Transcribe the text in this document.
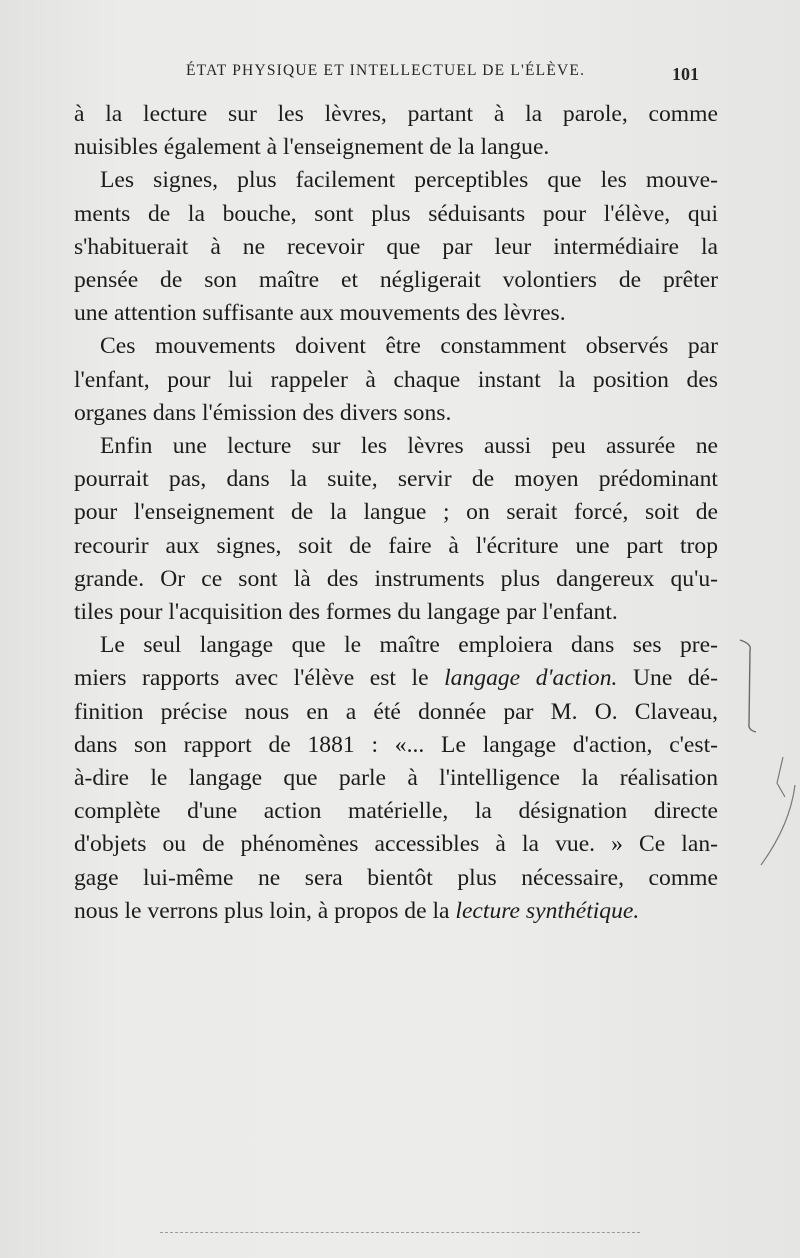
ÉTAT PHYSIQUE ET INTELLECTUEL DE L'ÉLÈVE.	101
à la lecture sur les lèvres, partant à la parole, comme
nuisibles également à l'enseignement de la langue.
Les signes, plus facilement perceptibles que les mouve-
ments de la bouche, sont plus séduisants pour l'élève, qui
s'habituerait à ne recevoir que par leur intermédiaire la
pensée de son maître et négligerait volontiers de prêter
une attention suffisante aux mouvements des lèvres.
Ces mouvements doivent être constamment observés par
l'enfant, pour lui rappeler à chaque instant la position des
organes dans l'émission des divers sons.
Enfin une lecture sur les lèvres aussi peu assurée ne
pourrait pas, dans la suite, servir de moyen prédominant
pour l'enseignement de la langue ; on serait forcé, soit de
recourir aux signes, soit de faire à l'écriture une part trop
grande. Or ce sont là des instruments plus dangereux qu'u-
tiles pour l'acquisition des formes du langage par l'enfant.
Le seul langage que le maître emploiera dans ses pre-
miers rapports avec l'élève est le langage d'action. Une dé-
finition précise nous en a été donnée par M. O. Claveau,
dans son rapport de 1881 : «... Le langage d'action, c'est-
à-dire le langage que parle à l'intelligence la réalisation
complète d'une action matérielle, la désignation directe
d'objets ou de phénomènes accessibles à la vue. » Ce lan-
gage lui-même ne sera bientôt plus nécessaire, comme
nous le verrons plus loin, à propos de la lecture synthétique.
